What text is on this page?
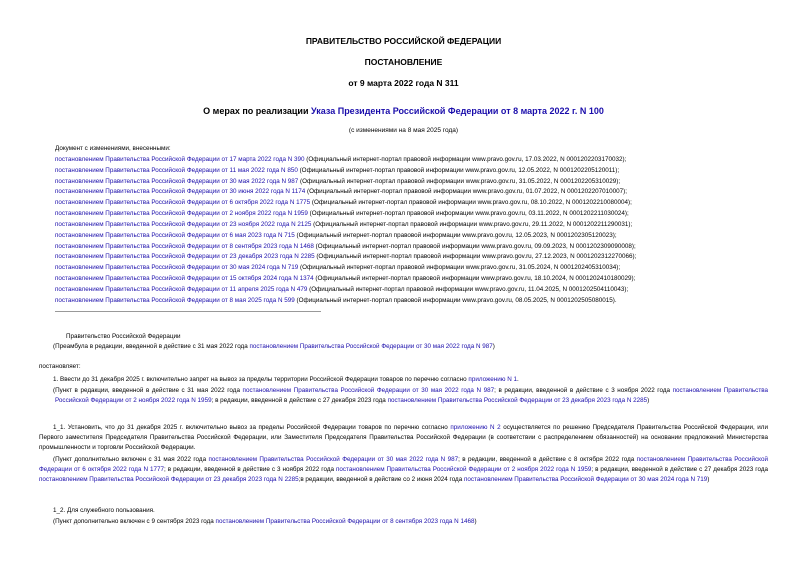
ПРАВИТЕЛЬСТВО РОССИЙСКОЙ ФЕДЕРАЦИИ
ПОСТАНОВЛЕНИЕ
от 9 марта 2022 года N 311
О мерах по реализации Указа Президента Российской Федерации от 8 марта 2022 г. N 100
(с изменениями на 8 мая 2025 года)
Документ с изменениями, внесенными:
постановлением Правительства Российской Федерации от 17 марта 2022 года N 390 (Официальный интернет-портал правовой информации www.pravo.gov.ru, 17.03.2022, N 0001202203170032);
постановлением Правительства Российской Федерации от 11 мая 2022 года N 850 (Официальный интернет-портал правовой информации www.pravo.gov.ru, 12.05.2022, N 0001202205120011);
постановлением Правительства Российской Федерации от 30 мая 2022 года N 987 (Официальный интернет-портал правовой информации www.pravo.gov.ru, 31.05.2022, N 0001202205310029);
постановлением Правительства Российской Федерации от 30 июня 2022 года N 1174 (Официальный интернет-портал правовой информации www.pravo.gov.ru, 01.07.2022, N 0001202207010007);
постановлением Правительства Российской Федерации от 6 октября 2022 года N 1775 (Официальный интернет-портал правовой информации www.pravo.gov.ru, 08.10.2022, N 0001202210080004);
постановлением Правительства Российской Федерации от 2 ноября 2022 года N 1959 (Официальный интернет-портал правовой информации www.pravo.gov.ru, 03.11.2022, N 0001202211030024);
постановлением Правительства Российской Федерации от 23 ноября 2022 года N 2125 (Официальный интернет-портал правовой информации www.pravo.gov.ru, 29.11.2022, N 0001202211290031);
постановлением Правительства Российской Федерации от 6 мая 2023 года N 715 (Официальный интернет-портал правовой информации www.pravo.gov.ru, 12.05.2023, N 0001202305120023);
постановлением Правительства Российской Федерации от 8 сентября 2023 года N 1468 (Официальный интернет-портал правовой информации www.pravo.gov.ru, 09.09.2023, N 0001202309090008);
постановлением Правительства Российской Федерации от 23 декабря 2023 года N 2285 (Официальный интернет-портал правовой информации www.pravo.gov.ru, 27.12.2023, N 0001202312270066);
постановлением Правительства Российской Федерации от 30 мая 2024 года N 719 (Официальный интернет-портал правовой информации www.pravo.gov.ru, 31.05.2024, N 0001202405310034);
постановлением Правительства Российской Федерации от 15 октября 2024 года N 1374 (Официальный интернет-портал правовой информации www.pravo.gov.ru, 18.10.2024, N 0001202410180029);
постановлением Правительства Российской Федерации от 11 апреля 2025 года N 479 (Официальный интернет-портал правовой информации www.pravo.gov.ru, 11.04.2025, N 0001202504110043);
постановлением Правительства Российской Федерации от 8 мая 2025 года N 599 (Официальный интернет-портал правовой информации www.pravo.gov.ru, 08.05.2025, N 0001202505080015).
Правительство Российской Федерации
(Преамбула в редакции, введенной в действие с 31 мая 2022 года постановлением Правительства Российской Федерации от 30 мая 2022 года N 987)
постановляет:
1. Ввести до 31 декабря 2025 г. включительно запрет на вывоз за пределы территории Российской Федерации товаров по перечню согласно приложению N 1.
(Пункт в редакции, введенной в действие с 31 мая 2022 года постановлением Правительства Российской Федерации от 30 мая 2022 года N 987; в редакции, введенной в действие с 3 ноября 2022 года постановлением Правительства Российской Федерации от 2 ноября 2022 года N 1959; в редакции, введенной в действие с 27 декабря 2023 года постановлением Правительства Российской Федерации от 23 декабря 2023 года N 2285)
1_1. Установить, что до 31 декабря 2025 г. включительно вывоз за пределы Российской Федерации товаров по перечню согласно приложению N 2 осуществляется по решению Председателя Правительства Российской Федерации, или Первого заместителя Председателя Правительства Российской Федерации, или Заместителя Председателя Правительства Российской Федерации (в соответствии с распределением обязанностей) на основании предложений Министерства промышленности и торговли Российской Федерации.
(Пункт дополнительно включен с 31 мая 2022 года постановлением Правительства Российской Федерации от 30 мая 2022 года N 987; в редакции, введенной в действие с 8 октября 2022 года постановлением Правительства Российской Федерации от 6 октября 2022 года N 1777; в редакции, введенной в действие с 3 ноября 2022 года постановлением Правительства Российской Федерации от 2 ноября 2022 года N 1959; в редакции, введенной в действие с 27 декабря 2023 года постановлением Правительства Российской Федерации от 23 декабря 2023 года N 2285;в редакции, введенной в действие со 2 июня 2024 года постановлением Правительства Российской Федерации от 30 мая 2024 года N 719)
1_2. Для служебного пользования.
(Пункт дополнительно включен с 9 сентября 2023 года постановлением Правительства Российской Федерации от 8 сентября 2023 года N 1468)
